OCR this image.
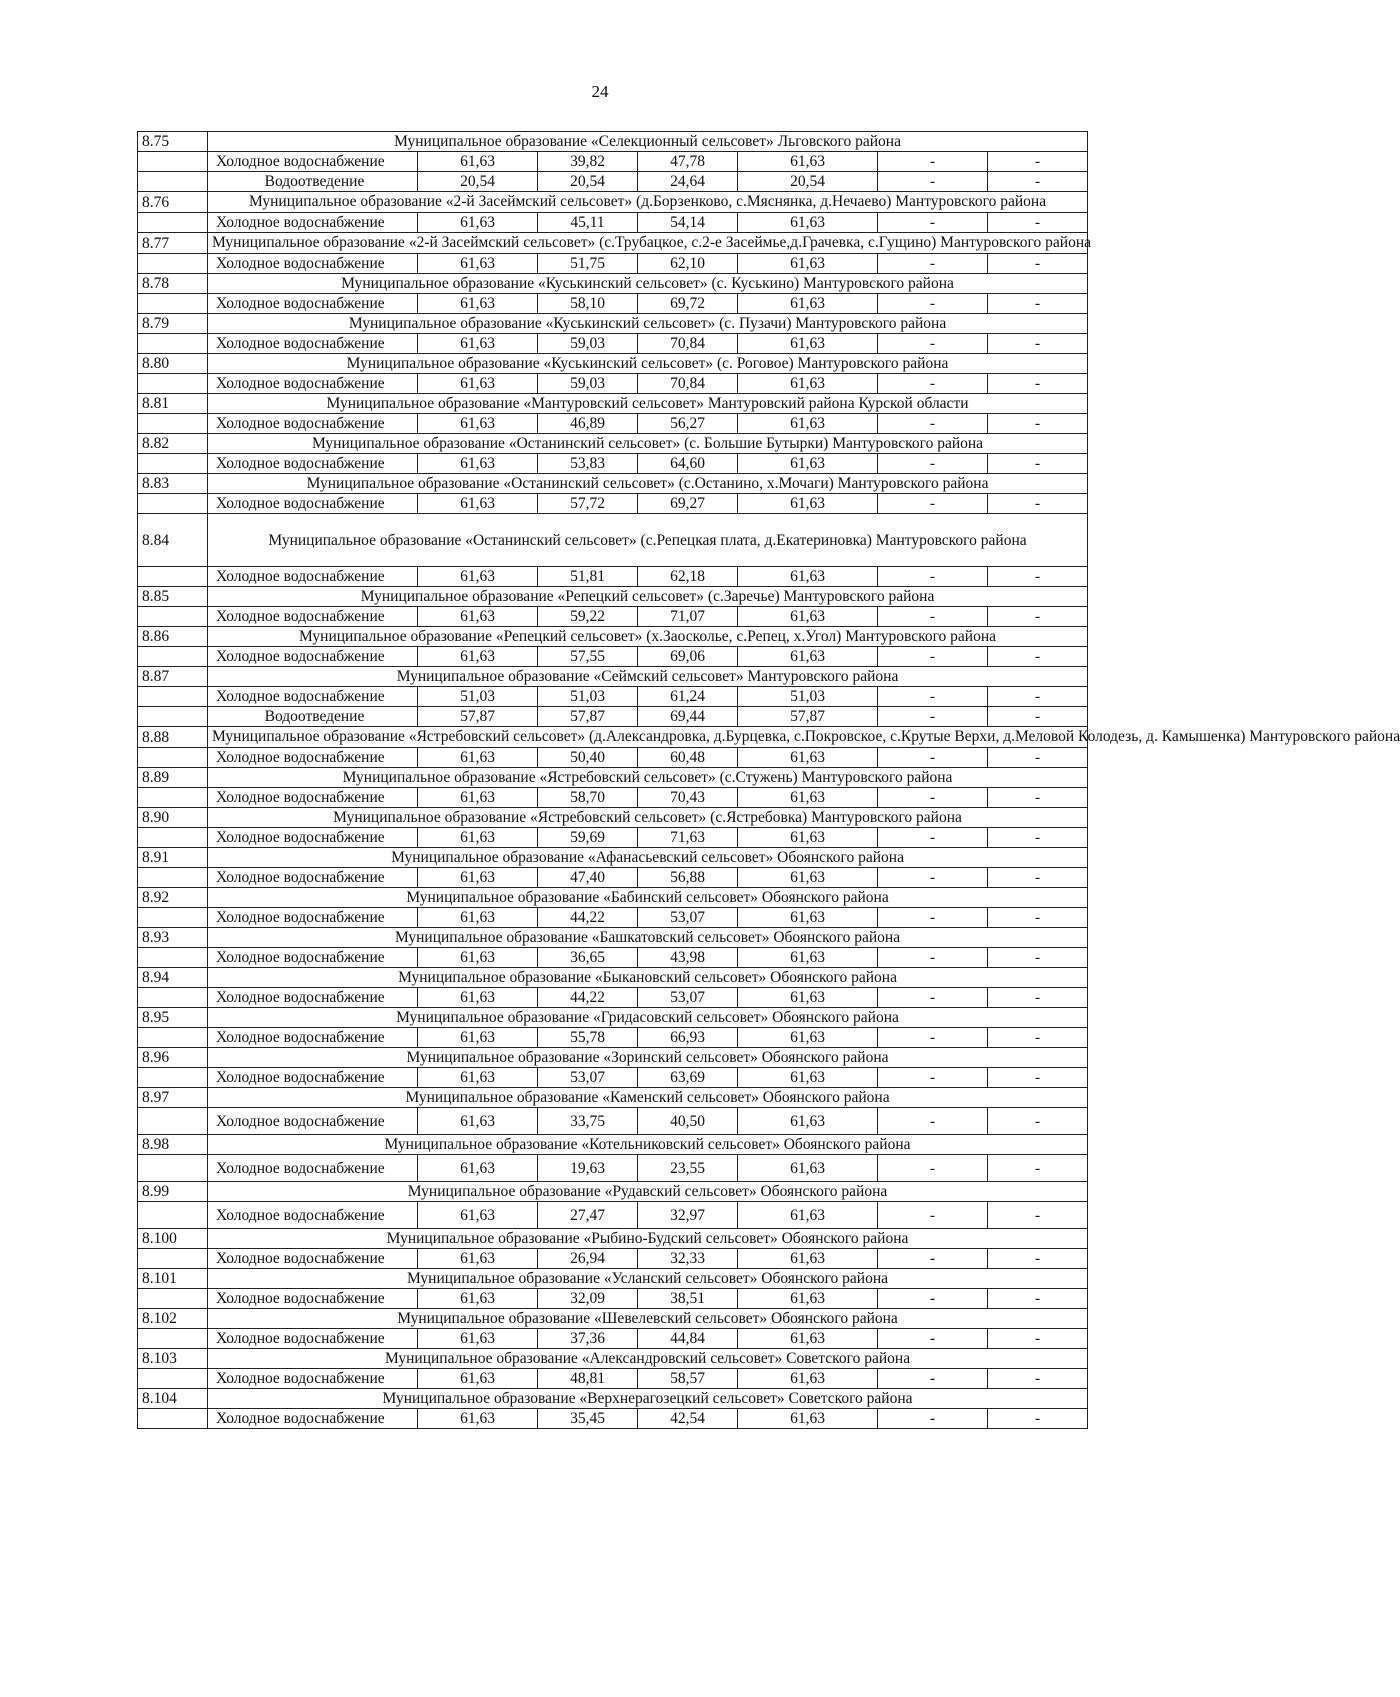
24
8.75	Муниципальное образование «Селекционный сельсовет» Льговского района						
	Холодное водоснабжение	61,63	39,82	47,78	61,63	-	-
	Водоотведение	20,54	20,54	24,64	20,54	-	-
8.76	Муниципальное образование «2-й Засеймский сельсовет» (д.Борзенково, с.Мяснянка, д.Нечаево) Мантуровского района						
	Холодное водоснабжение	61,63	45,11	54,14	61,63	-	-
8.77	Муниципальное образование «2-й Засеймский сельсовет» (с.Трубацкое, с.2-е Засеймье,д.Грачевка, с.Гущино) Мантуровского района						
	Холодное водоснабжение	61,63	51,75	62,10	61,63	-	-
8.78	Муниципальное образование «Куськинский сельсовет» (с. Куськино) Мантуровского района						
	Холодное водоснабжение	61,63	58,10	69,72	61,63	-	-
8.79	Муниципальное образование «Куськинский сельсовет» (с. Пузачи) Мантуровского района						
	Холодное водоснабжение	61,63	59,03	70,84	61,63	-	-
8.80	Муниципальное образование «Куськинский сельсовет» (с. Роговое) Мантуровского района						
	Холодное водоснабжение	61,63	59,03	70,84	61,63	-	-
8.81	Муниципальное образование «Мантуровский сельсовет» Мантуровский района Курской области						
	Холодное водоснабжение	61,63	46,89	56,27	61,63	-	-
8.82	Муниципальное образование «Останинский сельсовет» (с. Большие Бутырки) Мантуровского района						
	Холодное водоснабжение	61,63	53,83	64,60	61,63	-	-
8.83	Муниципальное образование «Останинский сельсовет» (с.Останино, х.Мочаги) Мантуровского района						
	Холодное водоснабжение	61,63	57,72	69,27	61,63	-	-
8.84	Муниципальное образование «Останинский сельсовет» (с.Репецкая плата, д.Екатериновка) Мантуровского района						
	Холодное водоснабжение	61,63	51,81	62,18	61,63	-	-
8.85	Муниципальное образование «Репецкий сельсовет» (с.Заречье) Мантуровского района						
	Холодное водоснабжение	61,63	59,22	71,07	61,63	-	-
8.86	Муниципальное образование «Репецкий сельсовет» (х.Заосколье, с.Репец, х.Угол) Мантуровского района						
	Холодное водоснабжение	61,63	57,55	69,06	61,63	-	-
8.87	Муниципальное образование «Сеймский сельсовет» Мантуровского района						
	Холодное водоснабжение	51,03	51,03	61,24	51,03	-	-
	Водоотведение	57,87	57,87	69,44	57,87	-	-
8.88	Муниципальное образование «Ястребовский сельсовет» (д.Александровка, д.Бурцевка, с.Покровское, с.Крутые Верхи, д.Меловой Колодезь, д. Камышенка) Мантуровского района						
	Холодное водоснабжение	61,63	50,40	60,48	61,63	-	-
8.89	Муниципальное образование «Ястребовский сельсовет» (с.Стужень) Мантуровского района						
	Холодное водоснабжение	61,63	58,70	70,43	61,63	-	-
8.90	Муниципальное образование «Ястребовский сельсовет» (с.Ястребовка) Мантуровского района						
	Холодное водоснабжение	61,63	59,69	71,63	61,63	-	-
8.91	Муниципальное образование «Афанасьевский сельсовет» Обоянского района						
	Холодное водоснабжение	61,63	47,40	56,88	61,63	-	-
8.92	Муниципальное образование «Бабинский сельсовет» Обоянского района						
	Холодное водоснабжение	61,63	44,22	53,07	61,63	-	-
8.93	Муниципальное образование «Башкатовский сельсовет» Обоянского района						
	Холодное водоснабжение	61,63	36,65	43,98	61,63	-	-
8.94	Муниципальное образование «Быкановский сельсовет» Обоянского района						
	Холодное водоснабжение	61,63	44,22	53,07	61,63	-	-
8.95	Муниципальное образование «Гридасовский сельсовет» Обоянского района						
	Холодное водоснабжение	61,63	55,78	66,93	61,63	-	-
8.96	Муниципальное образование «Зоринский сельсовет» Обоянского района						
	Холодное водоснабжение	61,63	53,07	63,69	61,63	-	-
8.97	Муниципальное образование «Каменский сельсовет» Обоянского района						
	Холодное водоснабжение	61,63	33,75	40,50	61,63	-	-
8.98	Муниципальное образование «Котельниковский сельсовет» Обоянского района						
	Холодное водоснабжение	61,63	19,63	23,55	61,63	-	-
8.99	Муниципальное образование «Рудавский сельсовет» Обоянского района						
	Холодное водоснабжение	61,63	27,47	32,97	61,63	-	-
8.100	Муниципальное образование «Рыбино-Будский сельсовет» Обоянского района						
	Холодное водоснабжение	61,63	26,94	32,33	61,63	-	-
8.101	Муниципальное образование «Усланский сельсовет» Обоянского района						
	Холодное водоснабжение	61,63	32,09	38,51	61,63	-	-
8.102	Муниципальное образование «Шевелевский сельсовет» Обоянского района						
	Холодное водоснабжение	61,63	37,36	44,84	61,63	-	-
8.103	Муниципальное образование «Александровский сельсовет» Советского района						
	Холодное водоснабжение	61,63	48,81	58,57	61,63	-	-
8.104	Муниципальное образование «Верхнерагозецкий сельсовет» Советского района						
	Холодное водоснабжение	61,63	35,45	42,54	61,63	-	-
